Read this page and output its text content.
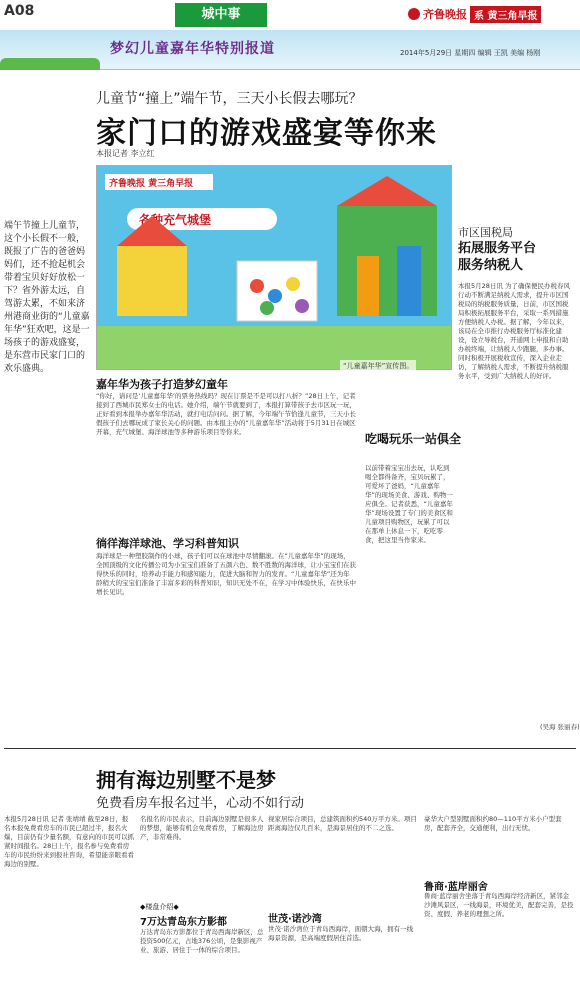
A08	城中事	齐鲁晚报 系 黄三角早报
梦幻儿童嘉年华特别报道	2014年5月29日 星期四 编辑 王凯 美编 杨刚
儿童节“撞上”端午节，三天小长假去哪玩？
家门口的游戏盛宴等你来
本报记者 李立红
齐鲁晚报 黄三角早报
各种充气城堡
“儿童嘉年华”宣传图。
端午节撞上儿童节，这个小长假不一般，既报了广告的爸爸妈妈们，还不抢起机会带着宝贝好好放松一下？省外游太远，自驾游太累，不如来济州港商业街的“儿童嘉年华”狂欢吧，这是一场孩子的游戏盛宴，是东营市民家门口的欢乐盛典。
嘉年华为孩子打造梦幻童年
“你好，请问是‘儿童嘉年华’的票务热线吗？现在订票是不是可以打八折？”28日上午，记者接到了西城市民郑女士的电话。她介绍，端午节就要到了，本报打算带孩子去市区玩一玩，正好看到本报举办嘉年华活动，就打电话问问。据了解，今年端午节恰逢儿童节，三天小长假孩子们去哪玩成了家长关心的问题。由本报主办的“儿童嘉年华”活动将于5月31日在城区开幕，充气城堡、海洋球池等多种游乐项目等你来。
徜徉海洋球池、学习科普知识
海洋球是一种塑胶制作的小球，孩子们可以在球池中尽情翻滚。在“儿童嘉年华”的现场，全国顶级的文化传播公司为小宝宝们准备了五颜六色、数不胜数的海洋球，让小宝宝们在获得快乐的同时，培养动手能力和感知能力，促进大脑和智力的发育。“儿童嘉年华”还为年龄稍大的宝宝们准备了丰富多彩的科普知识，知识无处不在，在学习中体验快乐，在快乐中增长见识。
吃喝玩乐一站俱全
以前带着宝宝出去玩，认吃到喝全都得备齐，宝贝玩累了，可爱坏了爸妈，“儿童嘉年华”的现场美食、游戏、购物一应俱全。记者获悉，“儿童嘉年华”现场设置了专门的美食区和儿童项目购物区，玩累了可以在那单上休息一下，吃吃零食，把这里当作家来。
市区国税局
拓展服务平台
服务纳税人
本报5月28日讯 为了确保便民办税春风行动不断满足纳税人需求，提升市区国税局的纳税服务质量，日前，市区国税局积极拓展服务平台，采取一系列措施方便纳税人办税。据了解，今年以来，该局在全市推行办税服务厅标准化建设，设立导税台，开通网上申报和自助办税终端，让纳税人少跑腿，多办事。同时积极开展税收宣传，深入企业走访，了解纳税人需求，不断提升纳税服务水平，受到广大纳税人的好评。
(吴海 张丽春)
拥有海边别墅不是梦
免费看房车报名过半，心动不如行动
本报5月28日讯 记者 张靖靖 截至28日，报名本报免费看房车的市民已超过半，报名火爆，目前仍有少量名额，有意向的市民可以抓紧时间报名。28日上午，报名参与免费看房车的市民纷纷来到报社咨询，希望能亲眼看看海边的别墅。
名报名的市民表示，目前海边别墅是很多人的梦想，能够有机会免费看房，了解海边房产，非常难得。
◆楼盘介绍◆
7万达青岛东方影都
万达青岛东方影都位于青岛西海岸新区，总投资500亿元，占地376公顷，是集影视产业、旅游、居住于一体的综合项目。
视家居综合项目，总建筑面积约540万平方米。项目距离海边仅几百米，是海景居住的不二之选。
世茂·诺沙湾
世茂·诺沙湾位于青岛西海岸，面朝大海，拥有一线海景资源，是高端度假居住首选。
豪华大户型别墅面积约80—110平方米小户型套房，配套齐全，交通便利，出行无忧。
鲁商·蓝岸丽舍
鲁商·蓝岸丽舍坐落于青岛西海岸经济新区，紧邻金沙滩风景区，一线海景，环境优美，配套完善，是投资、度假、养老的理想之所。
